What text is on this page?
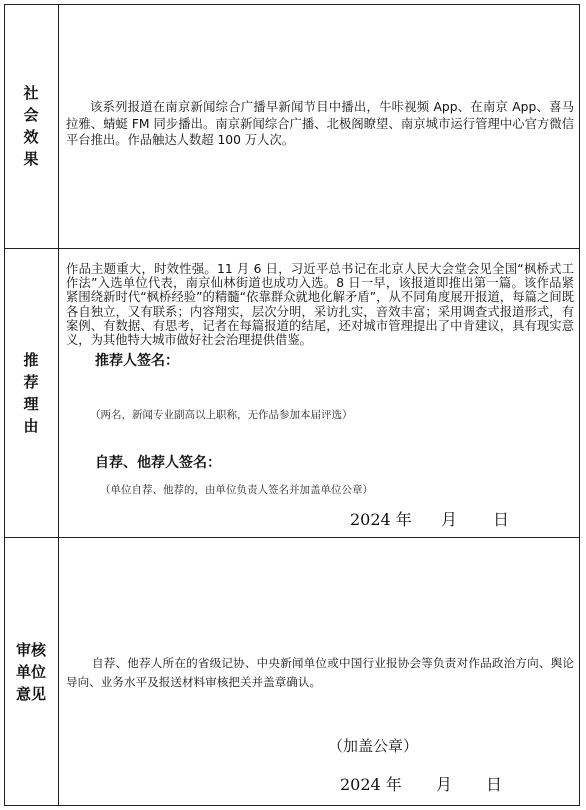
社
会
效
果
该系列报道在南京新闻综合广播早新闻节目中播出，牛咔视频 App、在南京 App、喜马拉雅、蜻蜓 FM 同步播出。南京新闻综合广播、北极阁瞭望、南京城市运行管理中心官方微信平台推出。作品触达人数超 100 万人次。
推
荐
理
由
作品主题重大，时效性强。11 月 6 日，习近平总书记在北京人民大会堂会见全国“枫桥式工作法”入选单位代表，南京仙林街道也成功入选。8 日一早，该报道即推出第一篇。该作品紧紧围绕新时代“枫桥经验”的精髓“依靠群众就地化解矛盾”，从不同角度展开报道，每篇之间既各自独立，又有联系；内容翔实，层次分明，采访扎实，音效丰富；采用调查式报道形式，有案例、有数据、有思考，记者在每篇报道的结尾，还对城市管理提出了中肯建议，具有现实意义，为其他特大城市做好社会治理提供借鉴。
推荐人签名：
（两名，新闻专业副高以上职称，无作品参加本届评选）
自荐、他荐人签名：
（单位自荐、他荐的，由单位负责人签名并加盖单位公章）
2024 年 月 日
审核
单位
意见
自荐、他荐人所在的省级记协、中央新闻单位或中国行业报协会等负责对作品政治方向、舆论导向、业务水平及报送材料审核把关并盖章确认。
（加盖公章）
2024 年 月 日
